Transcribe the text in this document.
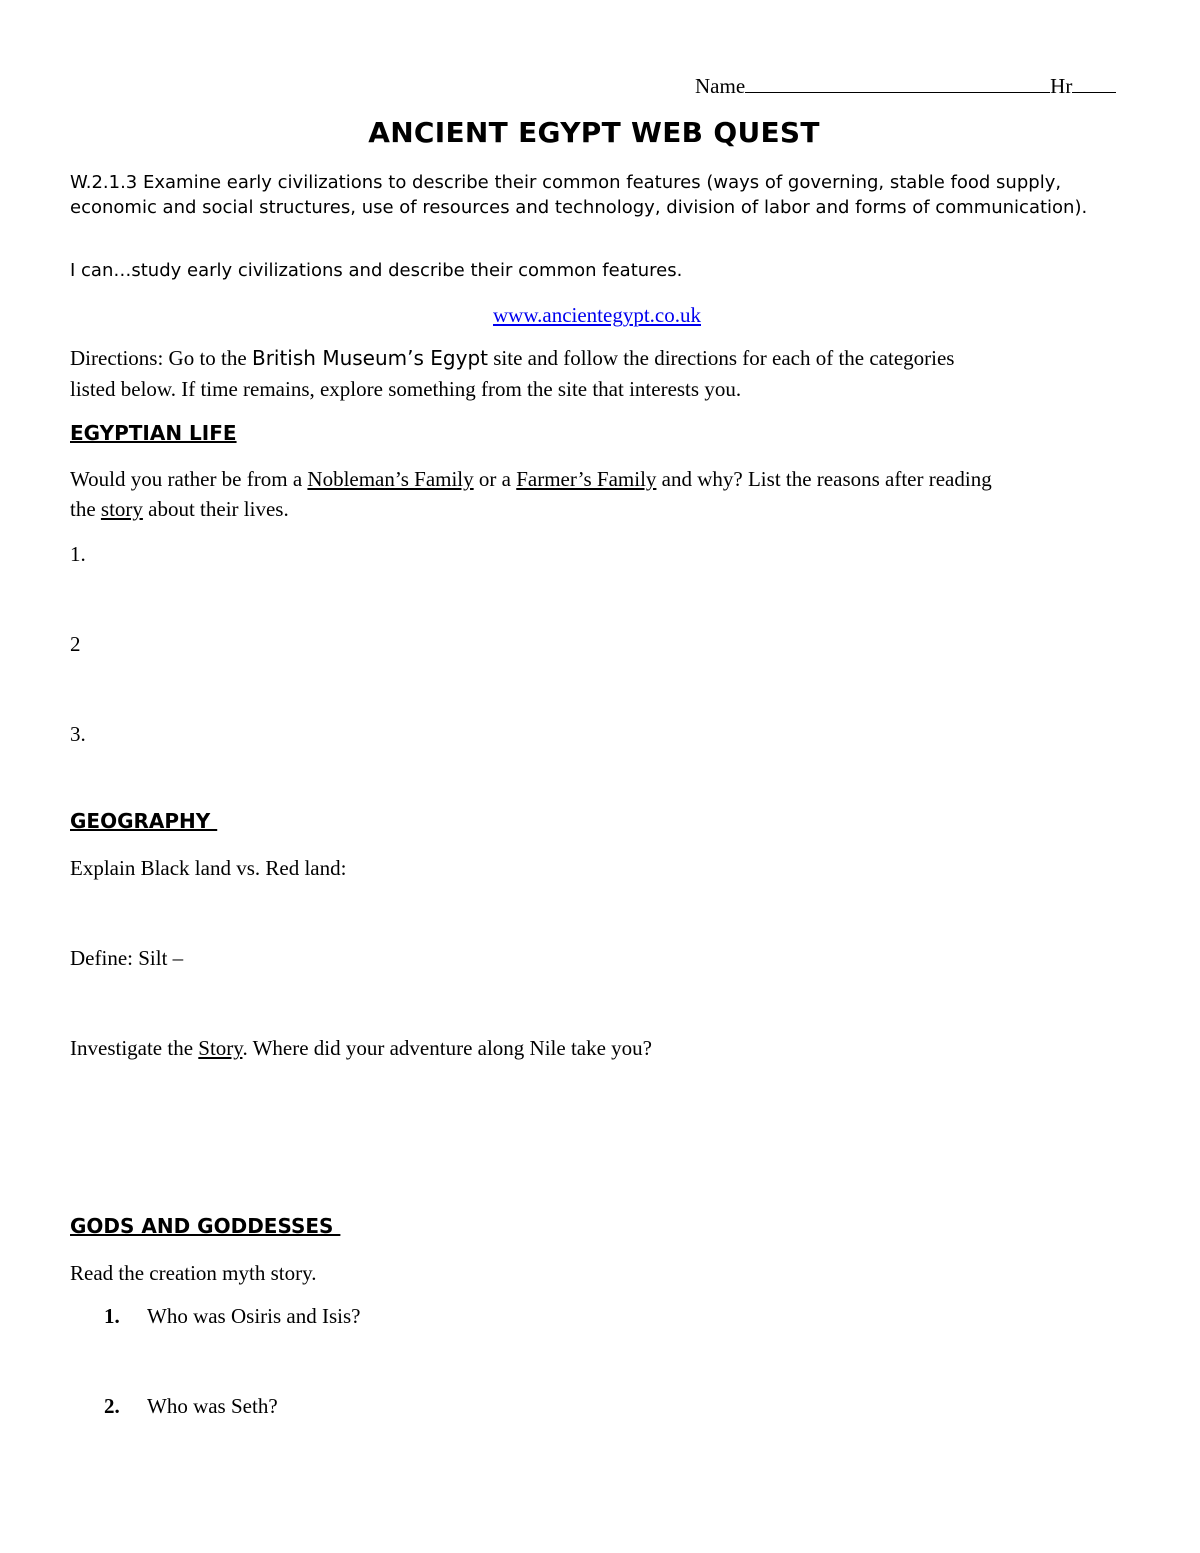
Name	Hr
ANCIENT EGYPT WEB QUEST
W.2.1.3 Examine early civilizations to describe their common features (ways of governing, stable food supply, economic and social structures, use of resources and technology, division of labor and forms of communication).
I can…study early civilizations and describe their common features.
www.ancientegypt.co.uk
Directions: Go to the British Museum’s Egypt site and follow the directions for each of the categories
listed below. If time remains, explore something from the site that interests you.
EGYPTIAN LIFE
Would you rather be from a Nobleman’s Family or a Farmer’s Family and why? List the reasons after reading
the story about their lives.
1.
2
3.
GEOGRAPHY
Explain Black land vs. Red land:
Define: Silt –
Investigate the Story. Where did your adventure along Nile take you?
GODS AND GODDESSES
Read the creation myth story.
1. Who was Osiris and Isis?
2. Who was Seth?
